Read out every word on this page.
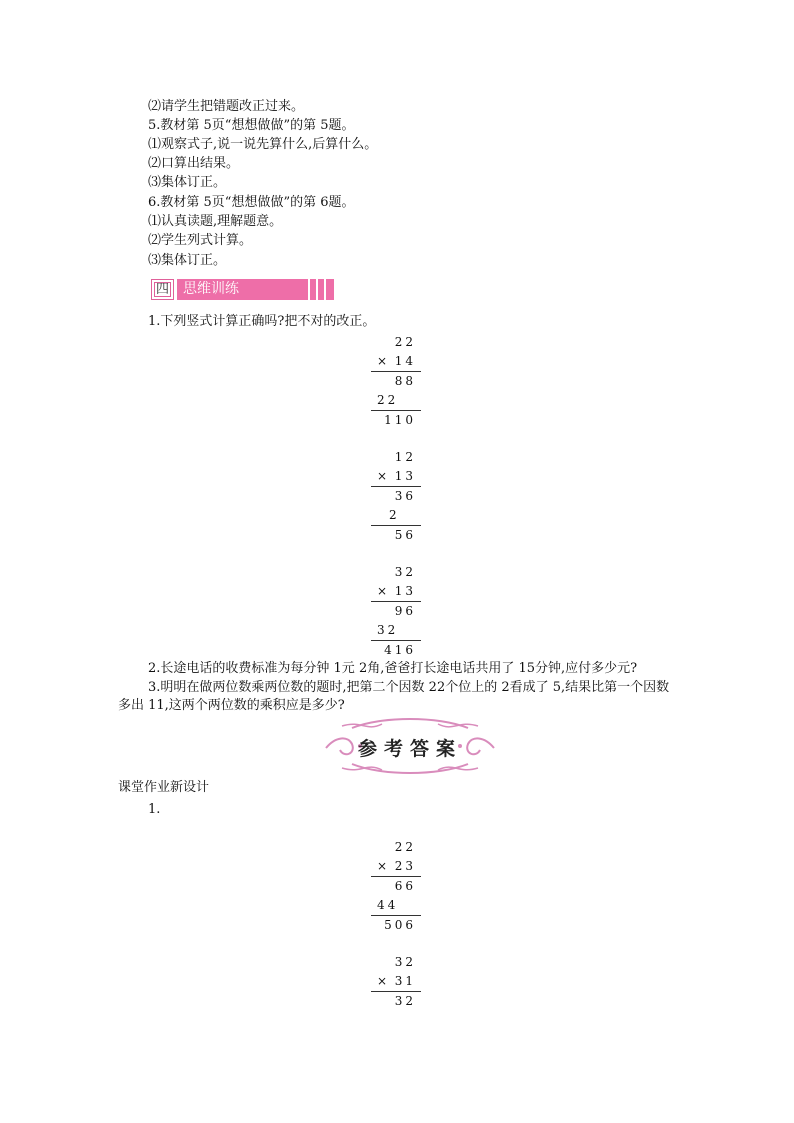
⑵请学生把错题改正过来。
5.教材第 5页“想想做做”的第 5题。
⑴观察式子,说一说先算什么,后算什么。
⑵口算出结果。
⑶集体订正。
6.教材第 5页“想想做做”的第 6题。
⑴认真读题,理解题意。
⑵学生列式计算。
⑶集体订正。
四	思维训练
1.下列竖式计算正确吗?把不对的改正。
22
× 14
88
22
110
12
× 13
36
2
56
32
× 13
96
32
416
2.长途电话的收费标准为每分钟 1元 2角,爸爸打长途电话共用了 15分钟,应付多少元?
3.明明在做两位数乘两位数的题时,把第二个因数 22个位上的 2看成了 5,结果比第一个因数多出 11,这两个两位数的乘积应是多少?
参考答案
课堂作业新设计
1.
22
× 23
66
44
506
32
× 31
32
